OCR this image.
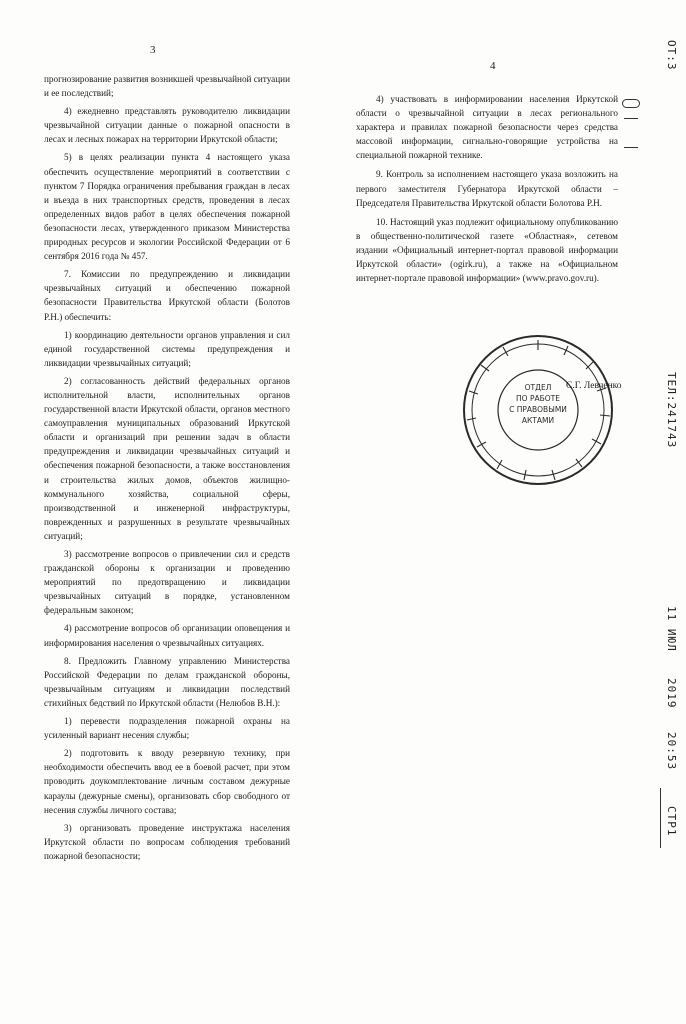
3
4

прогнозирование развития возникшей чрезвычайной ситуации и ее последствий;

4) ежедневно представлять руководителю ликвидации чрезвычайной ситуации данные о пожарной опасности в лесах и лесных пожарах на территории Иркутской области;

5) в целях реализации пункта 4 настоящего указа обеспечить осуществление мероприятий в соответствии с пунктом 7 Порядка ограничения пребывания граждан в лесах и въезда в них транспортных средств, проведения в лесах определенных видов работ в целях обеспечения пожарной безопасности лесах, утвержденного приказом Министерства природных ресурсов и экологии Российской Федерации от 6 сентября 2016 года № 457.

7. Комиссии по предупреждению и ликвидации чрезвычайных ситуаций и обеспечению пожарной безопасности Правительства Иркутской области (Болотов Р.Н.) обеспечить:

1) координацию деятельности органов управления и сил единой государственной системы предупреждения и ликвидации чрезвычайных ситуаций;

2) согласованность действий федеральных органов исполнительной власти, исполнительных органов государственной власти Иркутской области, органов местного самоуправления муниципальных образований Иркутской области и организаций при решении задач в области предупреждения и ликвидации чрезвычайных ситуаций и обеспечения пожарной безопасности, а также восстановления и строительства жилых домов, объектов жилищно-коммунального хозяйства, социальной сферы, производственной и инженерной инфраструктуры, поврежденных и разрушенных в результате чрезвычайных ситуаций;

3) рассмотрение вопросов о привлечении сил и средств гражданской обороны к организации и проведению мероприятий по предотвращению и ликвидации чрезвычайных ситуаций в порядке, установленном федеральным законом;

4) рассмотрение вопросов об организации оповещения и информирования населения о чрезвычайных ситуациях.

8. Предложить Главному управлению Министерства Российской Федерации по делам гражданской обороны, чрезвычайным ситуациям и ликвидации последствий стихийных бедствий по Иркутской области (Нелюбов В.Н.):

1) перевести подразделения пожарной охраны на усиленный вариант несения службы;

2) подготовить к вводу резервную технику, при необходимости обеспечить ввод ее в боевой расчет, при этом проводить доукомплектование личным составом дежурные караулы (дежурные смены), организовать сбор свободного от несения службы личного состава;

3) организовать проведение инструктажа населения Иркутской области по вопросам соблюдения требований пожарной безопасности;

4) участвовать в информировании населения Иркутской области о чрезвычайной ситуации в лесах регионального характера и правилах пожарной безопасности через средства массовой информации, сигнально-говорящие устройства на специальной пожарной технике.

9. Контроль за исполнением настоящего указа возложить на первого заместителя Губернатора Иркутской области – Председателя Правительства Иркутской области Болотова Р.Н.

10. Настоящий указ подлежит официальному опубликованию в общественно-политической газете «Областная», сетевом издании «Официальный интернет-портал правовой информации Иркутской области» (ogirk.ru), а также на «Официальном интернет-портале правовой информации» (www.pravo.gov.ru).

ОТДЕЛ
ПО РАБОТЕ
С ПРАВОВЫМИ
АКТАМИ
С.Г. Левченко
ОТ:3
ТЕЛ:241743
11 ИЮЛ
2019
20:53
СТР1
